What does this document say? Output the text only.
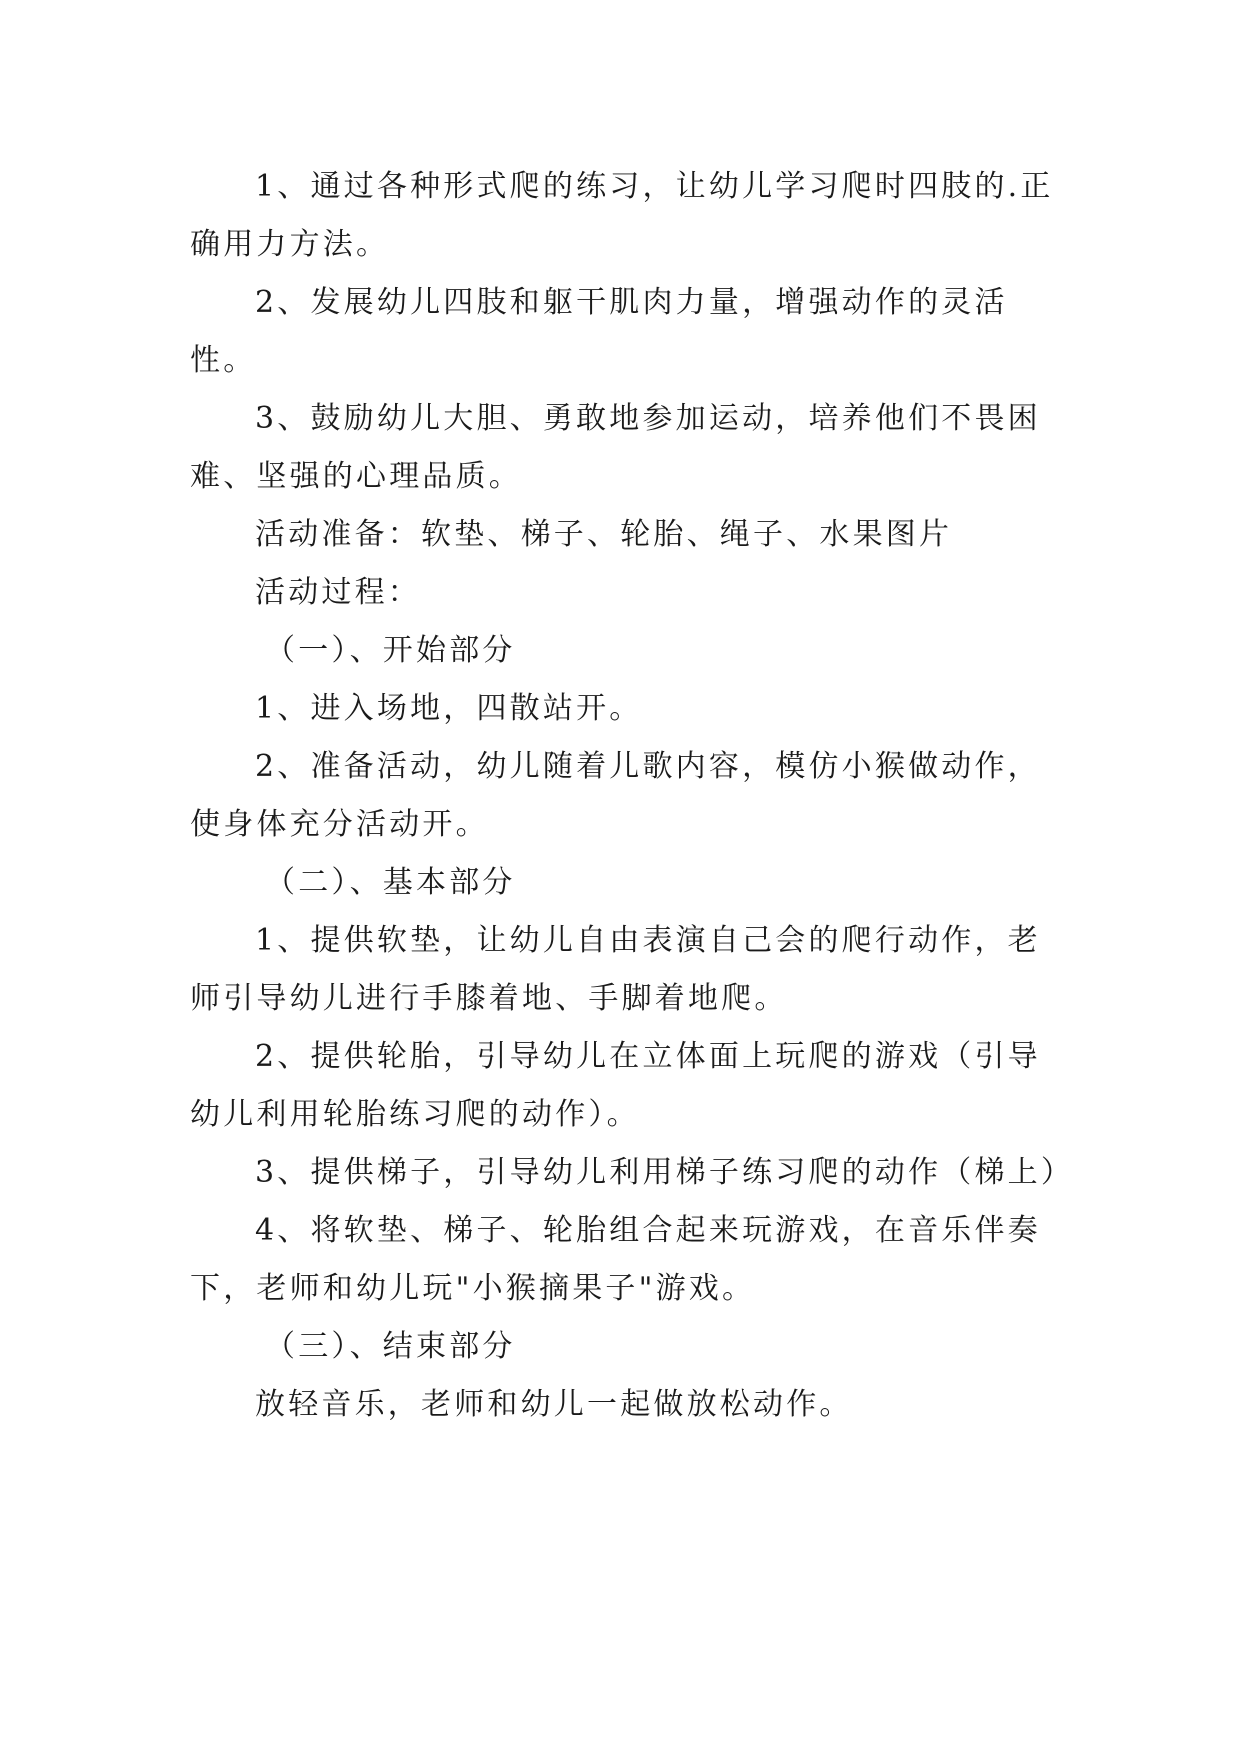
1、通过各种形式爬的练习，让幼儿学习爬时四肢的.正确用力方法。

2、发展幼儿四肢和躯干肌肉力量，增强动作的灵活性。

3、鼓励幼儿大胆、勇敢地参加运动，培养他们不畏困难、坚强的心理品质。

活动准备：软垫、梯子、轮胎、绳子、水果图片

活动过程：

（一）、开始部分

1、进入场地，四散站开。

2、准备活动，幼儿随着儿歌内容，模仿小猴做动作，使身体充分活动开。

（二）、基本部分

1、提供软垫，让幼儿自由表演自己会的爬行动作，老师引导幼儿进行手膝着地、手脚着地爬。

2、提供轮胎，引导幼儿在立体面上玩爬的游戏（引导幼儿利用轮胎练习爬的动作）。

3、提供梯子，引导幼儿利用梯子练习爬的动作（梯上）

4、将软垫、梯子、轮胎组合起来玩游戏，在音乐伴奏下，老师和幼儿玩"小猴摘果子"游戏。

（三）、结束部分

放轻音乐，老师和幼儿一起做放松动作。
